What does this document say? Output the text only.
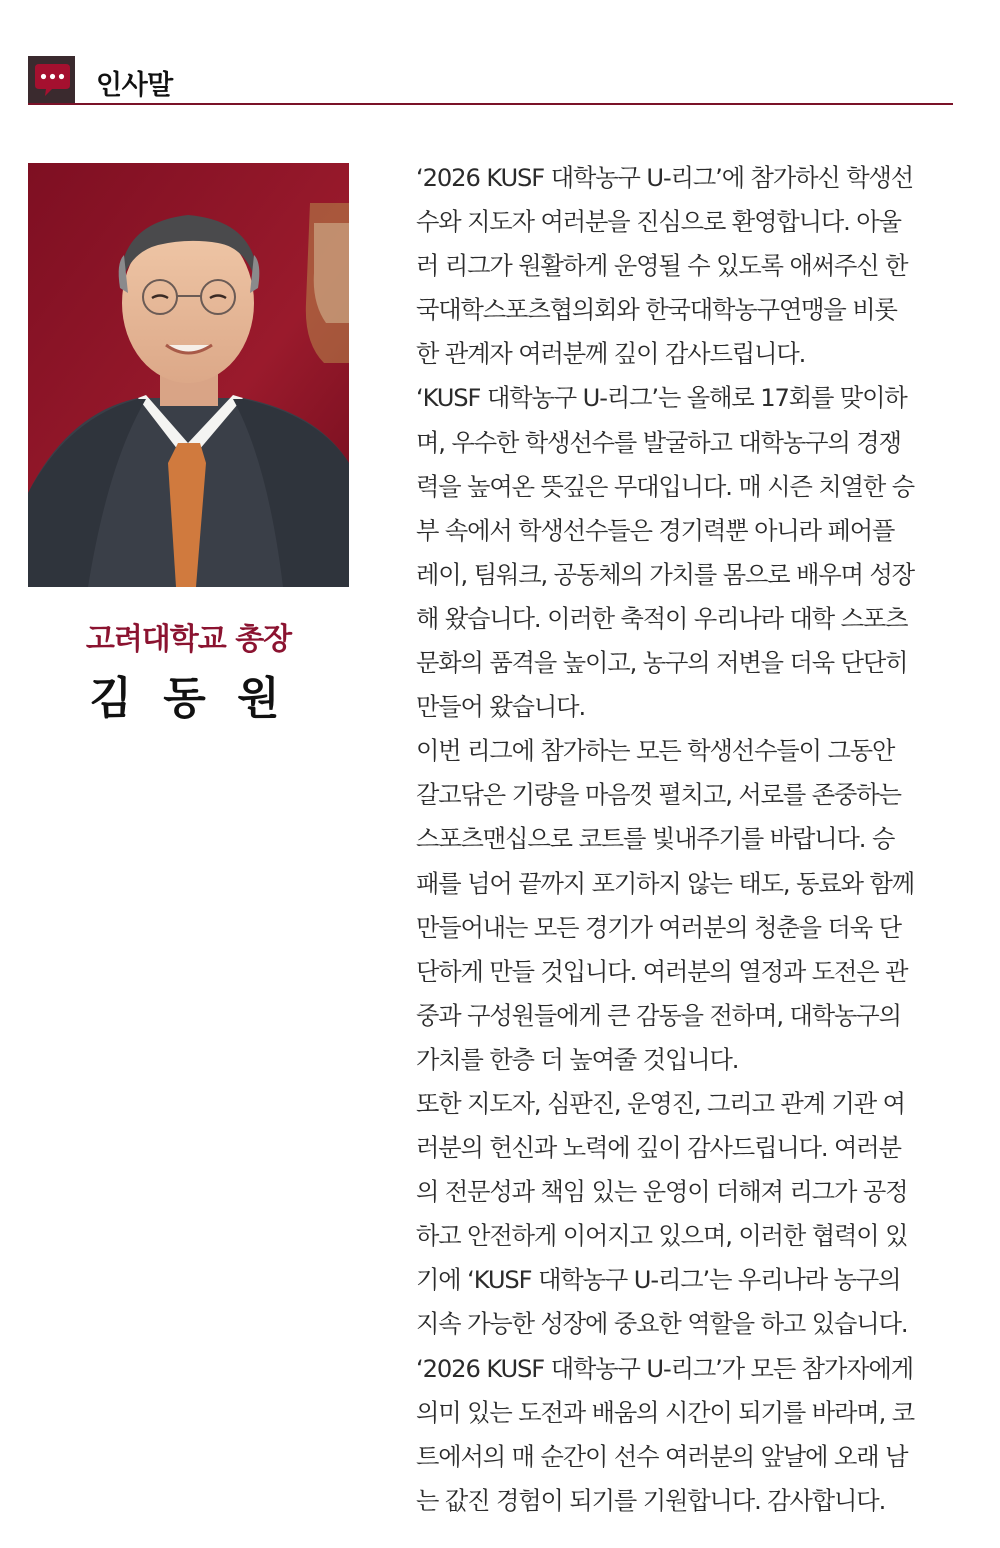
인사말
고려대학교 총장
김 동 원
‘2026 KUSF 대학농구 U-리그’에 참가하신 학생선
수와 지도자 여러분을 진심으로 환영합니다. 아울
러 리그가 원활하게 운영될 수 있도록 애써주신 한
국대학스포츠협의회와 한국대학농구연맹을 비롯
한 관계자 여러분께 깊이 감사드립니다.
‘KUSF 대학농구 U-리그’는 올해로 17회를 맞이하
며, 우수한 학생선수를 발굴하고 대학농구의 경쟁
력을 높여온 뜻깊은 무대입니다. 매 시즌 치열한 승
부 속에서 학생선수들은 경기력뿐 아니라 페어플
레이, 팀워크, 공동체의 가치를 몸으로 배우며 성장
해 왔습니다. 이러한 축적이 우리나라 대학 스포츠
문화의 품격을 높이고, 농구의 저변을 더욱 단단히
만들어 왔습니다.
이번 리그에 참가하는 모든 학생선수들이 그동안
갈고닦은 기량을 마음껏 펼치고, 서로를 존중하는
스포츠맨십으로 코트를 빛내주기를 바랍니다. 승
패를 넘어 끝까지 포기하지 않는 태도, 동료와 함께
만들어내는 모든 경기가 여러분의 청춘을 더욱 단
단하게 만들 것입니다. 여러분의 열정과 도전은 관
중과 구성원들에게 큰 감동을 전하며, 대학농구의
가치를 한층 더 높여줄 것입니다.
또한 지도자, 심판진, 운영진, 그리고 관계 기관 여
러분의 헌신과 노력에 깊이 감사드립니다. 여러분
의 전문성과 책임 있는 운영이 더해져 리그가 공정
하고 안전하게 이어지고 있으며, 이러한 협력이 있
기에 ‘KUSF 대학농구 U-리그’는 우리나라 농구의
지속 가능한 성장에 중요한 역할을 하고 있습니다.
‘2026 KUSF 대학농구 U-리그’가 모든 참가자에게
의미 있는 도전과 배움의 시간이 되기를 바라며, 코
트에서의 매 순간이 선수 여러분의 앞날에 오래 남
는 값진 경험이 되기를 기원합니다. 감사합니다.
